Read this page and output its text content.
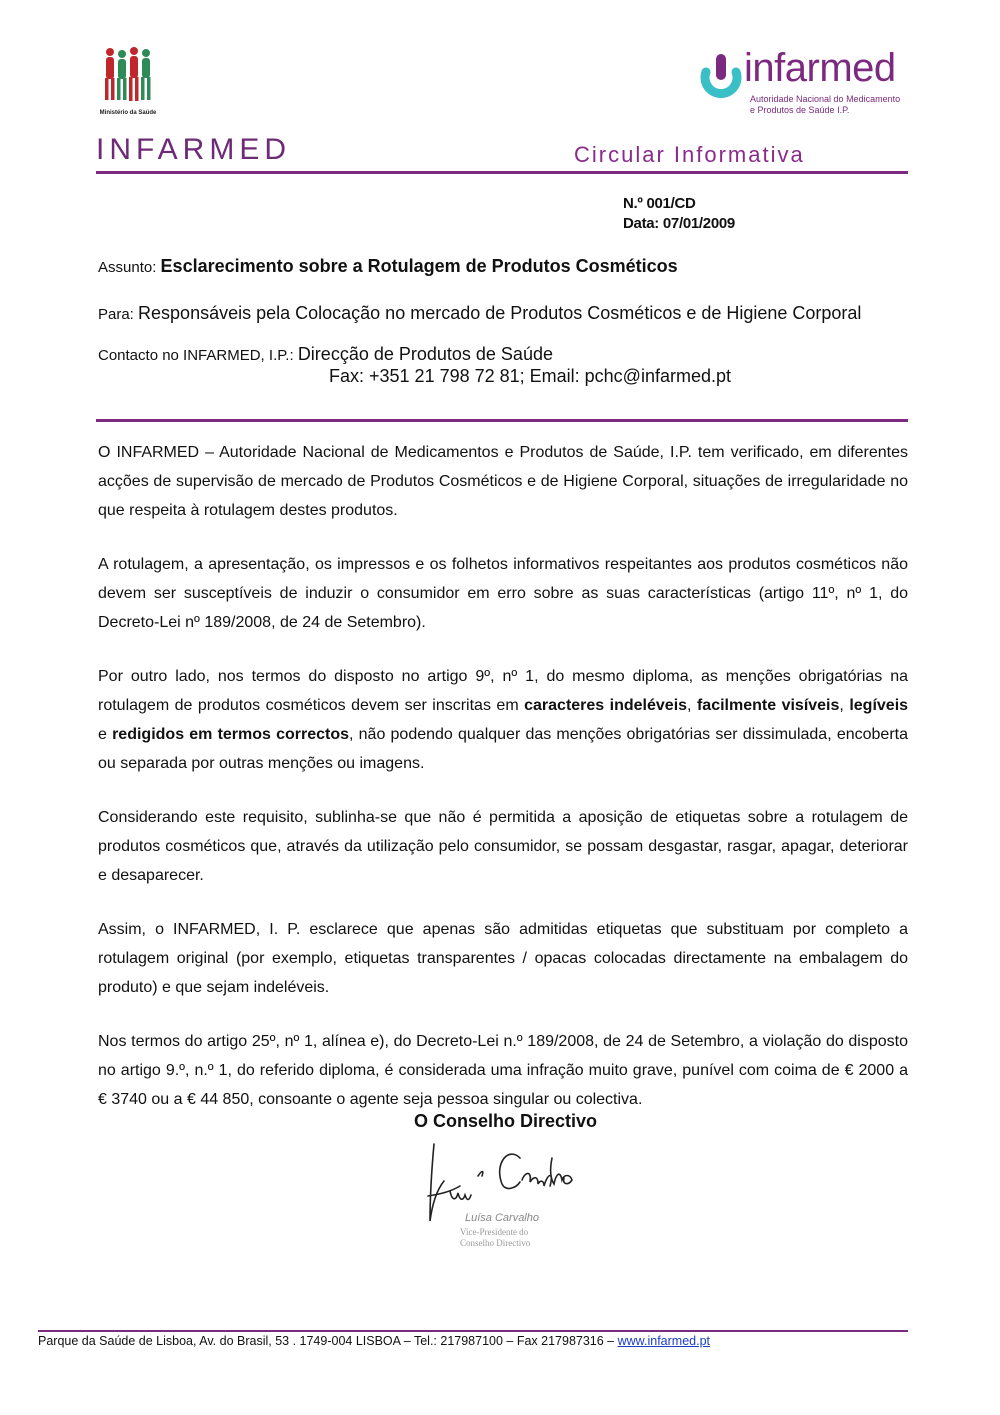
Ministério da Saúde
infarmed
Autoridade Nacional do Medicamento
e Produtos de Saúde I.P.
INFARMED	Circular Informativa
N.º 001/CD
Data: 07/01/2009
Assunto: Esclarecimento sobre a Rotulagem de Produtos Cosméticos
Para: Responsáveis pela Colocação no mercado de Produtos Cosméticos e de Higiene Corporal
Contacto no INFARMED, I.P.: Direcção de Produtos de Saúde
Fax: +351 21 798 72 81; Email: pchc@infarmed.pt

O INFARMED – Autoridade Nacional de Medicamentos e Produtos de Saúde, I.P. tem verificado, em diferentes acções de supervisão de mercado de Produtos Cosméticos e de Higiene Corporal, situações de irregularidade no que respeita à rotulagem destes produtos.

A rotulagem, a apresentação, os impressos e os folhetos informativos respeitantes aos produtos cosméticos não devem ser susceptíveis de induzir o consumidor em erro sobre as suas características (artigo 11º, nº 1, do Decreto-Lei nº 189/2008, de 24 de Setembro).

Por outro lado, nos termos do disposto no artigo 9º, nº 1, do mesmo diploma, as menções obrigatórias na rotulagem de produtos cosméticos devem ser inscritas em caracteres indeléveis, facilmente visíveis, legíveis e redigidos em termos correctos, não podendo qualquer das menções obrigatórias ser dissimulada, encoberta ou separada por outras menções ou imagens.

Considerando este requisito, sublinha-se que não é permitida a aposição de etiquetas sobre a rotulagem de produtos cosméticos que, através da utilização pelo consumidor, se possam desgastar, rasgar, apagar, deteriorar e desaparecer.

Assim, o INFARMED, I. P. esclarece que apenas são admitidas etiquetas que substituam por completo a rotulagem original (por exemplo, etiquetas transparentes / opacas colocadas directamente na embalagem do produto) e que sejam indeléveis.

Nos termos do artigo 25º, nº 1, alínea e), do Decreto-Lei n.º 189/2008, de 24 de Setembro, a violação do disposto no artigo 9.º, n.º 1, do referido diploma, é considerada uma infração muito grave, punível com coima de € 2000 a € 3740 ou a € 44 850, consoante o agente seja pessoa singular ou colectiva.

O Conselho Directivo
Luísa Carvalho
Vice-Presidente do
Conselho Directivo
Parque da Saúde de Lisboa, Av. do Brasil, 53 . 1749-004 LISBOA – Tel.: 217987100 – Fax 217987316 – www.infarmed.pt
